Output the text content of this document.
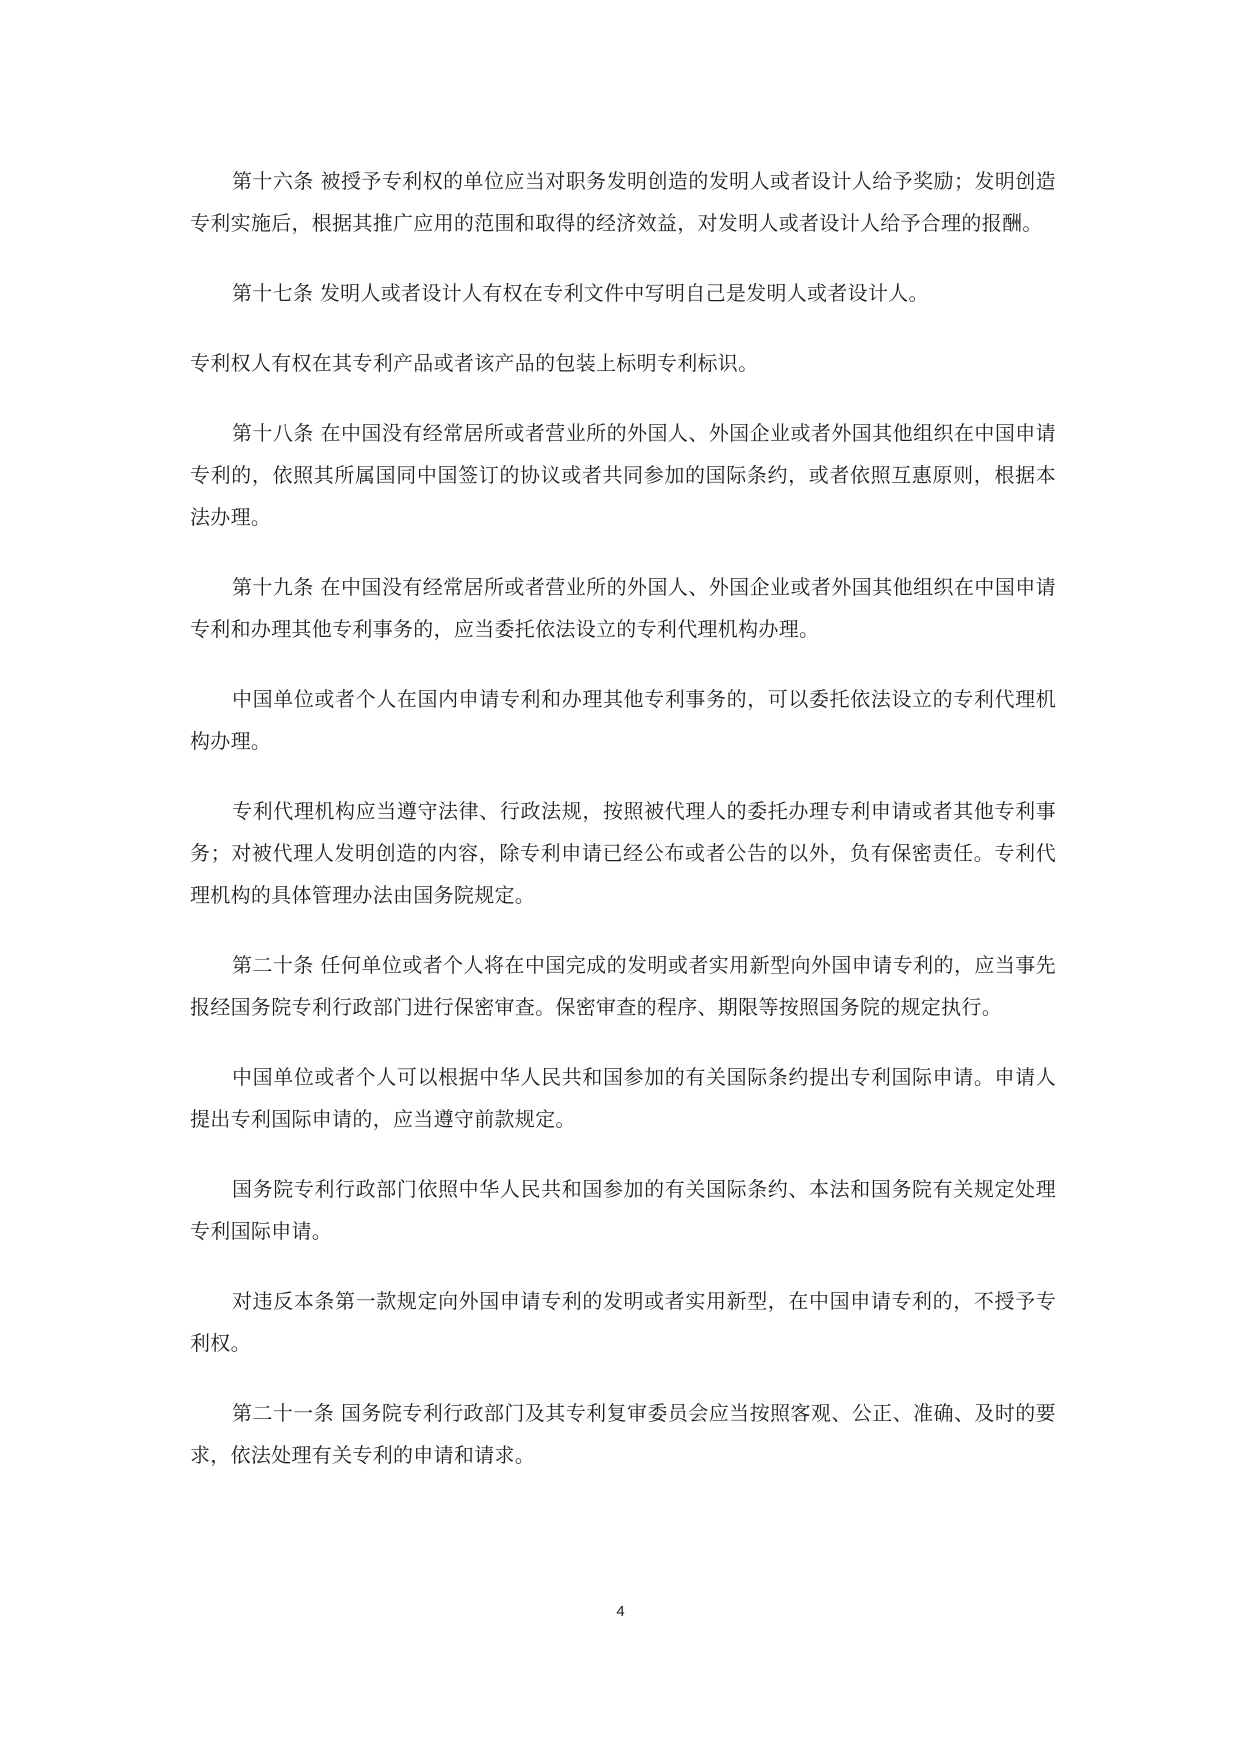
第十六条 被授予专利权的单位应当对职务发明创造的发明人或者设计人给予奖励；发明创造专利实施后，根据其推广应用的范围和取得的经济效益，对发明人或者设计人给予合理的报酬。

第十七条 发明人或者设计人有权在专利文件中写明自己是发明人或者设计人。

专利权人有权在其专利产品或者该产品的包装上标明专利标识。

第十八条 在中国没有经常居所或者营业所的外国人、外国企业或者外国其他组织在中国申请专利的，依照其所属国同中国签订的协议或者共同参加的国际条约，或者依照互惠原则，根据本法办理。

第十九条 在中国没有经常居所或者营业所的外国人、外国企业或者外国其他组织在中国申请专利和办理其他专利事务的，应当委托依法设立的专利代理机构办理。

中国单位或者个人在国内申请专利和办理其他专利事务的，可以委托依法设立的专利代理机构办理。

专利代理机构应当遵守法律、行政法规，按照被代理人的委托办理专利申请或者其他专利事务；对被代理人发明创造的内容，除专利申请已经公布或者公告的以外，负有保密责任。专利代理机构的具体管理办法由国务院规定。

第二十条 任何单位或者个人将在中国完成的发明或者实用新型向外国申请专利的，应当事先报经国务院专利行政部门进行保密审查。保密审查的程序、期限等按照国务院的规定执行。

中国单位或者个人可以根据中华人民共和国参加的有关国际条约提出专利国际申请。申请人提出专利国际申请的，应当遵守前款规定。

国务院专利行政部门依照中华人民共和国参加的有关国际条约、本法和国务院有关规定处理专利国际申请。

对违反本条第一款规定向外国申请专利的发明或者实用新型，在中国申请专利的，不授予专利权。

第二十一条 国务院专利行政部门及其专利复审委员会应当按照客观、公正、准确、及时的要求，依法处理有关专利的申请和请求。

4
